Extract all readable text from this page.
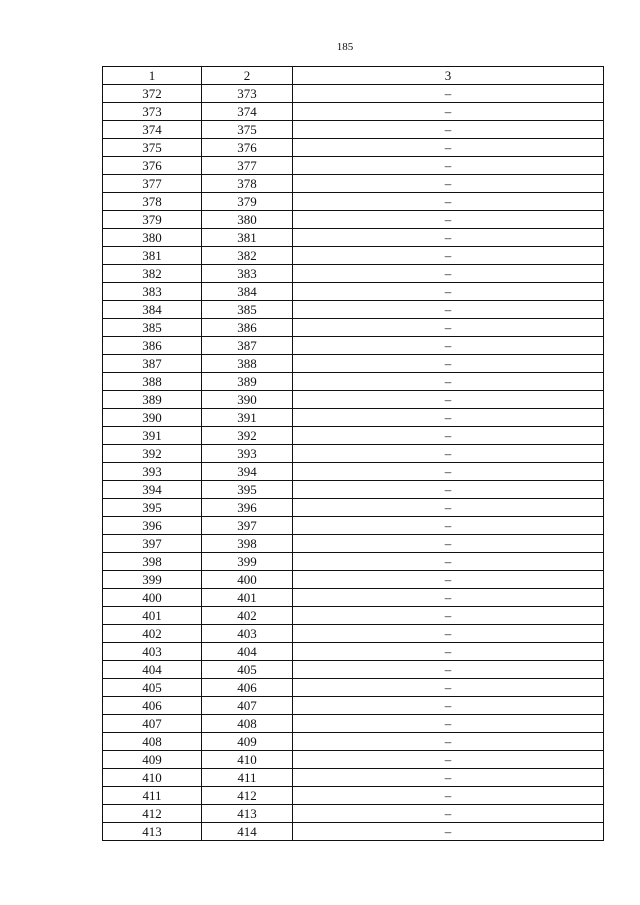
185
1	2	3
372	373	–
373	374	–
374	375	–
375	376	–
376	377	–
377	378	–
378	379	–
379	380	–
380	381	–
381	382	–
382	383	–
383	384	–
384	385	–
385	386	–
386	387	–
387	388	–
388	389	–
389	390	–
390	391	–
391	392	–
392	393	–
393	394	–
394	395	–
395	396	–
396	397	–
397	398	–
398	399	–
399	400	–
400	401	–
401	402	–
402	403	–
403	404	–
404	405	–
405	406	–
406	407	–
407	408	–
408	409	–
409	410	–
410	411	–
411	412	–
412	413	–
413	414	–
